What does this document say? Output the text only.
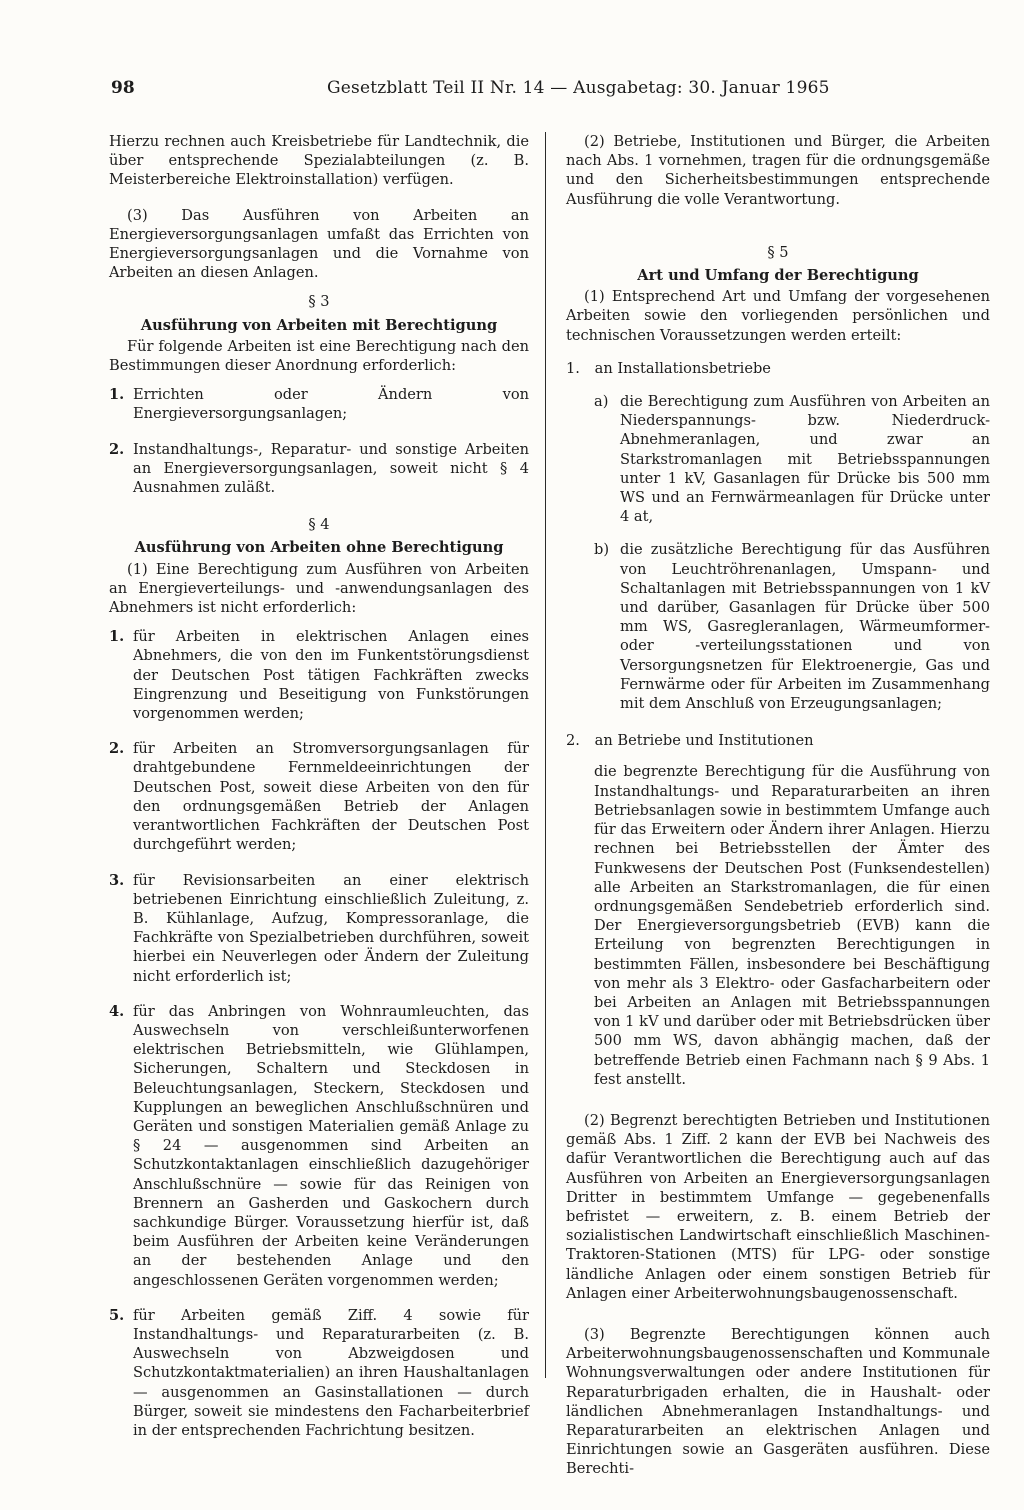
98	Gesetzblatt Teil II Nr. 14 — Ausgabetag: 30. Januar 1965

Hierzu rechnen auch Kreisbetriebe für Landtechnik, die über entsprechende Spezialabteilungen (z. B. Meisterbereiche Elektroinstallation) verfügen.

(3) Das Ausführen von Arbeiten an Energieversorgungsanlagen umfaßt das Errichten von Energieversorgungsanlagen und die Vornahme von Arbeiten an diesen Anlagen.

§ 3
Ausführung von Arbeiten mit Berechtigung

Für folgende Arbeiten ist eine Berechtigung nach den Bestimmungen dieser Anordnung erforderlich:

1. Errichten oder Ändern von Energieversorgungsanlagen;
2. Instandhaltungs-, Reparatur- und sonstige Arbeiten an Energieversorgungsanlagen, soweit nicht § 4 Ausnahmen zuläßt.
§ 4
Ausführung von Arbeiten ohne Berechtigung

(1) Eine Berechtigung zum Ausführen von Arbeiten an Energieverteilungs- und -anwendungsanlagen des Abnehmers ist nicht erforderlich:

1. für Arbeiten in elektrischen Anlagen eines Abnehmers, die von den im Funkentstörungsdienst der Deutschen Post tätigen Fachkräften zwecks Eingrenzung und Beseitigung von Funkstörungen vorgenommen werden;
2. für Arbeiten an Stromversorgungsanlagen für drahtgebundene Fernmeldeeinrichtungen der Deutschen Post, soweit diese Arbeiten von den für den ordnungsgemäßen Betrieb der Anlagen verantwortlichen Fachkräften der Deutschen Post durchgeführt werden;
3. für Revisionsarbeiten an einer elektrisch betriebenen Einrichtung einschließlich Zuleitung, z. B. Kühlanlage, Aufzug, Kompressoranlage, die Fachkräfte von Spezialbetrieben durchführen, soweit hierbei ein Neuverlegen oder Ändern der Zuleitung nicht erforderlich ist;
4. für das Anbringen von Wohnraumleuchten, das Auswechseln von verschleißunterworfenen elektrischen Betriebsmitteln, wie Glühlampen, Sicherungen, Schaltern und Steckdosen in Beleuchtungsanlagen, Steckern, Steckdosen und Kupplungen an beweglichen Anschlußschnüren und Geräten und sonstigen Materialien gemäß Anlage zu § 24 — ausgenommen sind Arbeiten an Schutzkontaktanlagen einschließlich dazugehöriger Anschlußschnüre — sowie für das Reinigen von Brennern an Gasherden und Gaskochern durch sachkundige Bürger. Voraussetzung hierfür ist, daß beim Ausführen der Arbeiten keine Veränderungen an der bestehenden Anlage und den angeschlossenen Geräten vorgenommen werden;
5. für Arbeiten gemäß Ziff. 4 sowie für Instandhaltungs- und Reparaturarbeiten (z. B. Auswechseln von Abzweigdosen und Schutzkontaktmaterialien) an ihren Haushaltanlagen — ausgenommen an Gasinstallationen — durch Bürger, soweit sie mindestens den Facharbeiterbrief in der entsprechenden Fachrichtung besitzen.

(2) Betriebe, Institutionen und Bürger, die Arbeiten nach Abs. 1 vornehmen, tragen für die ordnungsgemäße und den Sicherheitsbestimmungen entsprechende Ausführung die volle Verantwortung.

§ 5
Art und Umfang der Berechtigung

(1) Entsprechend Art und Umfang der vorgesehenen Arbeiten sowie den vorliegenden persönlichen und technischen Voraussetzungen werden erteilt:

1. an Installationsbetriebe
a) die Berechtigung zum Ausführen von Arbeiten an Niederspannungs- bzw. Niederdruck-Abnehmeranlagen, und zwar an Starkstromanlagen mit Betriebsspannungen unter 1 kV, Gasanlagen für Drücke bis 500 mm WS und an Fernwärmeanlagen für Drücke unter 4 at,
b) die zusätzliche Berechtigung für das Ausführen von Leuchtröhrenanlagen, Umspann- und Schaltanlagen mit Betriebsspannungen von 1 kV und darüber, Gasanlagen für Drücke über 500 mm WS, Gasregleranlagen, Wärmeumformer- oder -verteilungsstationen und von Versorgungsnetzen für Elektroenergie, Gas und Fernwärme oder für Arbeiten im Zusammenhang mit dem Anschluß von Erzeugungsanlagen;
2. an Betriebe und Institutionen
die begrenzte Berechtigung für die Ausführung von Instandhaltungs- und Reparaturarbeiten an ihren Betriebsanlagen sowie in bestimmtem Umfange auch für das Erweitern oder Ändern ihrer Anlagen. Hierzu rechnen bei Betriebsstellen der Ämter des Funkwesens der Deutschen Post (Funksendestellen) alle Arbeiten an Starkstromanlagen, die für einen ordnungsgemäßen Sendebetrieb erforderlich sind. Der Energieversorgungsbetrieb (EVB) kann die Erteilung von begrenzten Berechtigungen in bestimmten Fällen, insbesondere bei Beschäftigung von mehr als 3 Elektro- oder Gasfacharbeitern oder bei Arbeiten an Anlagen mit Betriebsspannungen von 1 kV und darüber oder mit Betriebsdrücken über 500 mm WS, davon abhängig machen, daß der betreffende Betrieb einen Fachmann nach § 9 Abs. 1 fest anstellt.

(2) Begrenzt berechtigten Betrieben und Institutionen gemäß Abs. 1 Ziff. 2 kann der EVB bei Nachweis des dafür Verantwortlichen die Berechtigung auch auf das Ausführen von Arbeiten an Energieversorgungsanlagen Dritter in bestimmtem Umfange — gegebenenfalls befristet — erweitern, z. B. einem Betrieb der sozialistischen Landwirtschaft einschließlich Maschinen-Traktoren-Stationen (MTS) für LPG- oder sonstige ländliche Anlagen oder einem sonstigen Betrieb für Anlagen einer Arbeiterwohnungsbaugenossenschaft.

(3) Begrenzte Berechtigungen können auch Arbeiterwohnungsbaugenossenschaften und Kommunale Wohnungsverwaltungen oder andere Institutionen für Reparaturbrigaden erhalten, die in Haushalt- oder ländlichen Abnehmeranlagen Instandhaltungs- und Reparaturarbeiten an elektrischen Anlagen und Einrichtungen sowie an Gasgeräten ausführen. Diese Berechti-
